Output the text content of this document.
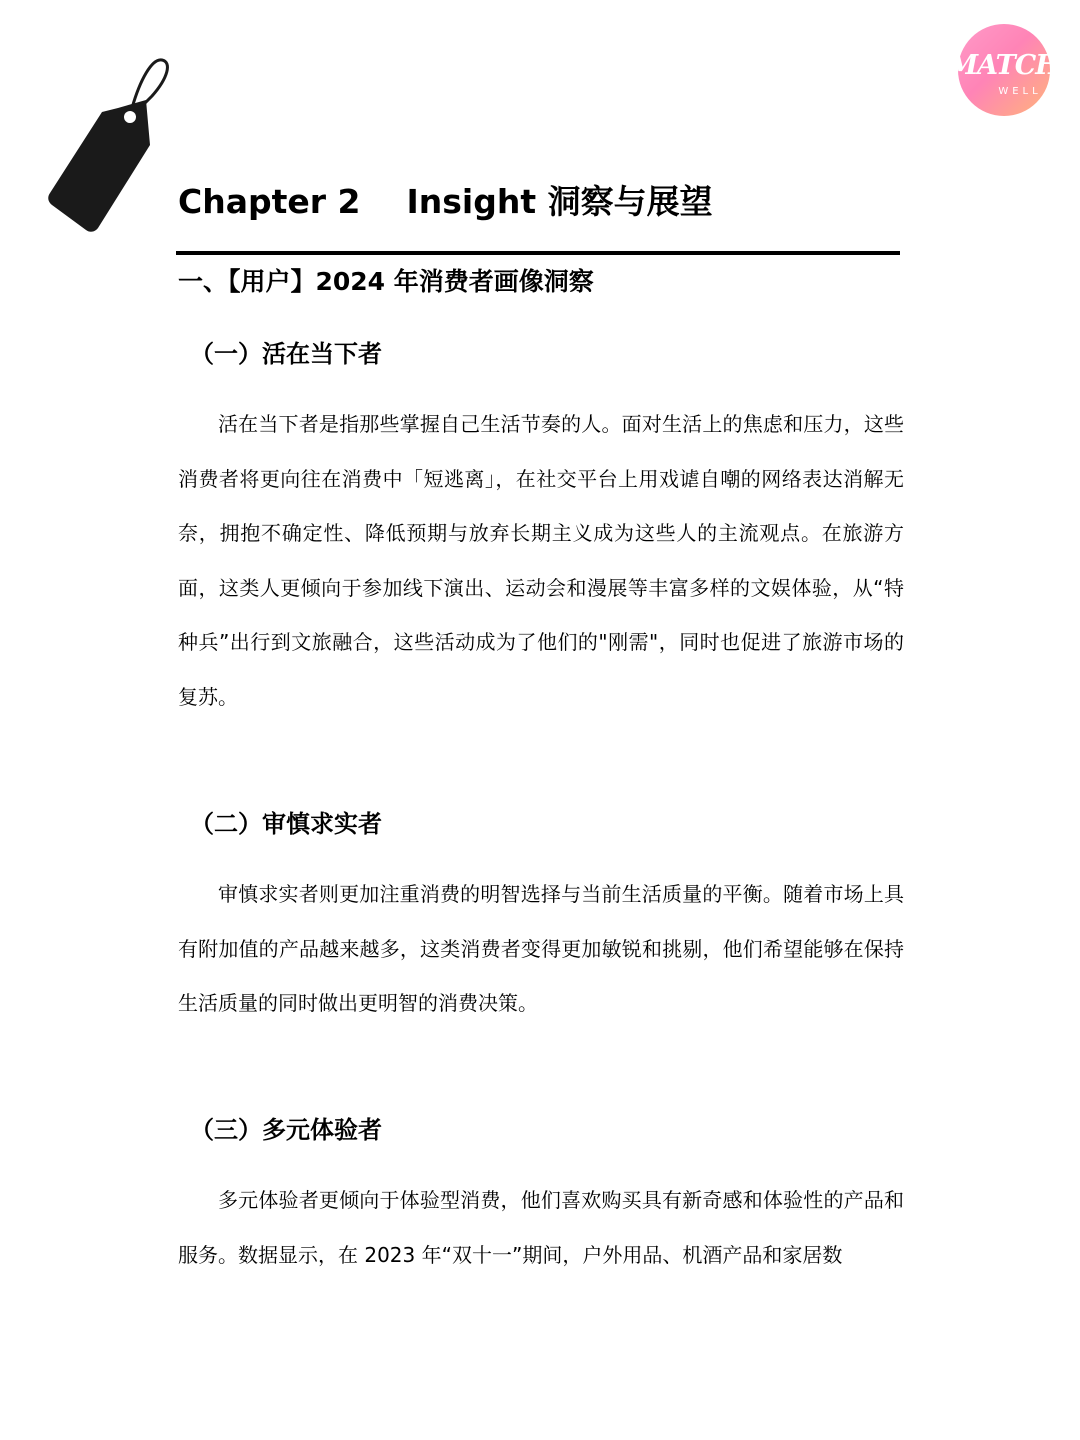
MATCH
WELL
Chapter 2 Insight 洞察与展望
一、【用户】2024 年消费者画像洞察
（一）活在当下者

活在当下者是指那些掌握自己生活节奏的人。面对生活上的焦虑和压力，这些消费者将更向往在消费中「短逃离」，在社交平台上用戏谑自嘲的网络表达消解无奈，拥抱不确定性、降低预期与放弃长期主义成为这些人的主流观点。在旅游方面，这类人更倾向于参加线下演出、运动会和漫展等丰富多样的文娱体验，从“特种兵”出行到文旅融合，这些活动成为了他们的"刚需"，同时也促进了旅游市场的复苏。

（二）审慎求实者

审慎求实者则更加注重消费的明智选择与当前生活质量的平衡。随着市场上具有附加值的产品越来越多，这类消费者变得更加敏锐和挑剔，他们希望能够在保持生活质量的同时做出更明智的消费决策。

（三）多元体验者

多元体验者更倾向于体验型消费，他们喜欢购买具有新奇感和体验性的产品和服务。数据显示，在 2023 年“双十一”期间，户外用品、机酒产品和家居数
